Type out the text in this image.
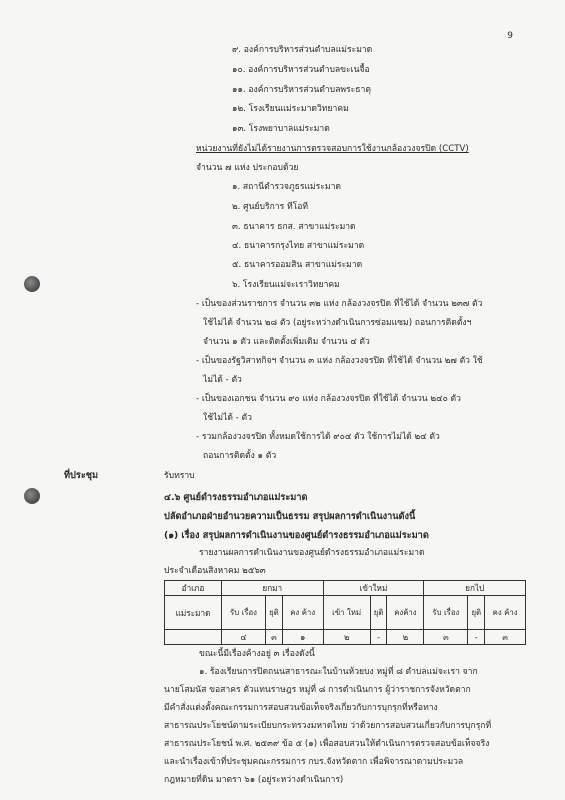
9
๙. องค์การบริหารส่วนตำบลแม่ระมาด
๑๐. องค์การบริหารส่วนตำบลขะเนจื้อ
๑๑. องค์การบริหารส่วนตำบลพระธาตุ
๑๒. โรงเรียนแม่ระมาดวิทยาคม
๑๓. โรงพยาบาลแม่ระมาด
หน่วยงานที่ยังไม่ได้รายงานการตรวจสอบการใช้งานกล้องวงจรปิด (CCTV)
จำนวน ๗ แห่ง ประกอบด้วย
๑. สถานีตำรวจภูธรแม่ระมาด
๒. ศูนย์บริการ ทีโอที
๓. ธนาคาร ธกส. สาขาแม่ระมาด
๔. ธนาคารกรุงไทย สาขาแม่ระมาด
๕. ธนาคารออมสิน สาขาแม่ระมาด
๖. โรงเรียนแม่จะเราวิทยาคม
- เป็นของส่วนราชการ จำนวน ๓๒ แห่ง กล้องวงจรปิด ที่ใช้ได้ จำนวน ๒๓๗ ตัว
ใช้ไม่ได้ จำนวน ๒๘ ตัว (อยู่ระหว่างดำเนินการซ่อมแซม) ถอนการติดตั้งฯ
จำนวน ๑ ตัว และติดตั้งเพิ่มเติม จำนวน ๔ ตัว
- เป็นของรัฐวิสาหกิจฯ จำนวน ๓ แห่ง กล้องวงจรปิด ที่ใช้ได้ จำนวน ๒๗ ตัว ใช้
ไม่ได้ - ตัว
- เป็นของเอกชน จำนวน ๙๐ แห่ง กล้องวงจรปิด ที่ใช้ได้ จำนวน ๒๔๐ ตัว
ใช้ไม่ได้ - ตัว
- รวมกล้องวงจรปิด ทั้งหมดใช้การได้ ๙๐๔ ตัว ใช้การไม่ได้ ๒๔ ตัว
ถอนการติดตั้ง ๑ ตัว
ที่ประชุม	รับทราบ
๔.๖ ศูนย์ดำรงธรรมอำเภอแม่ระมาด
ปลัดอำเภอฝ่ายอำนวยความเป็นธรรม สรุปผลการดำเนินงานดังนี้
(๑) เรื่อง สรุปผลการดำเนินงานของศูนย์ดำรงธรรมอำเภอแม่ระมาด
รายงานผลการดำเนินงานของศูนย์ดำรงธรรมอำเภอแม่ระมาด
ประจำเดือนสิงหาคม ๒๕๖๓
อำเภอ	ยกมา			เข้าใหม่			ยกไป		
แม่ระมาด	รับ เรื่อง	ยุติ	คง ค้าง	เข้า ใหม่	ยุติ	คงค้าง	รับ เรื่อง	ยุติ	คง ค้าง
	๔	๓	๑	๒	-	๒	๓	-	๓
ขณะนี้มีเรื่องค้างอยู่ ๓ เรื่องดังนี้
๑. ร้องเรียนการปิดถนนสาธารณะในบ้านห้วยบง หมู่ที่ ๘ ตำบลแม่จะเรา จาก
นายโสมนัส ขอสาคร ตัวแทนราษฎร หมู่ที่ ๘ การดำเนินการ ผู้ว่าราชการจังหวัดตาก
มีคำสั่งแต่งตั้งคณะกรรมการสอบสวนข้อเท็จจริงเกี่ยวกับการบุกรุกที่หรือทาง
สาธารณประโยชน์ตามระเบียบกระทรวงมหาดไทย ว่าด้วยการสอบสวนเกี่ยวกับการบุกรุกที่
สาธารณประโยชน์ พ.ศ. ๒๕๓๙ ข้อ ๕ (๑) เพื่อสอบสวนให้ดำเนินการตรวจสอบข้อเท็จจริง
และนำเรื่องเข้าที่ประชุมคณะกรรมการ กบร.จังหวัดตาก เพื่อพิจารณาตามประมวล
กฎหมายที่ดิน มาตรา ๖๑ (อยู่ระหว่างดำเนินการ)
